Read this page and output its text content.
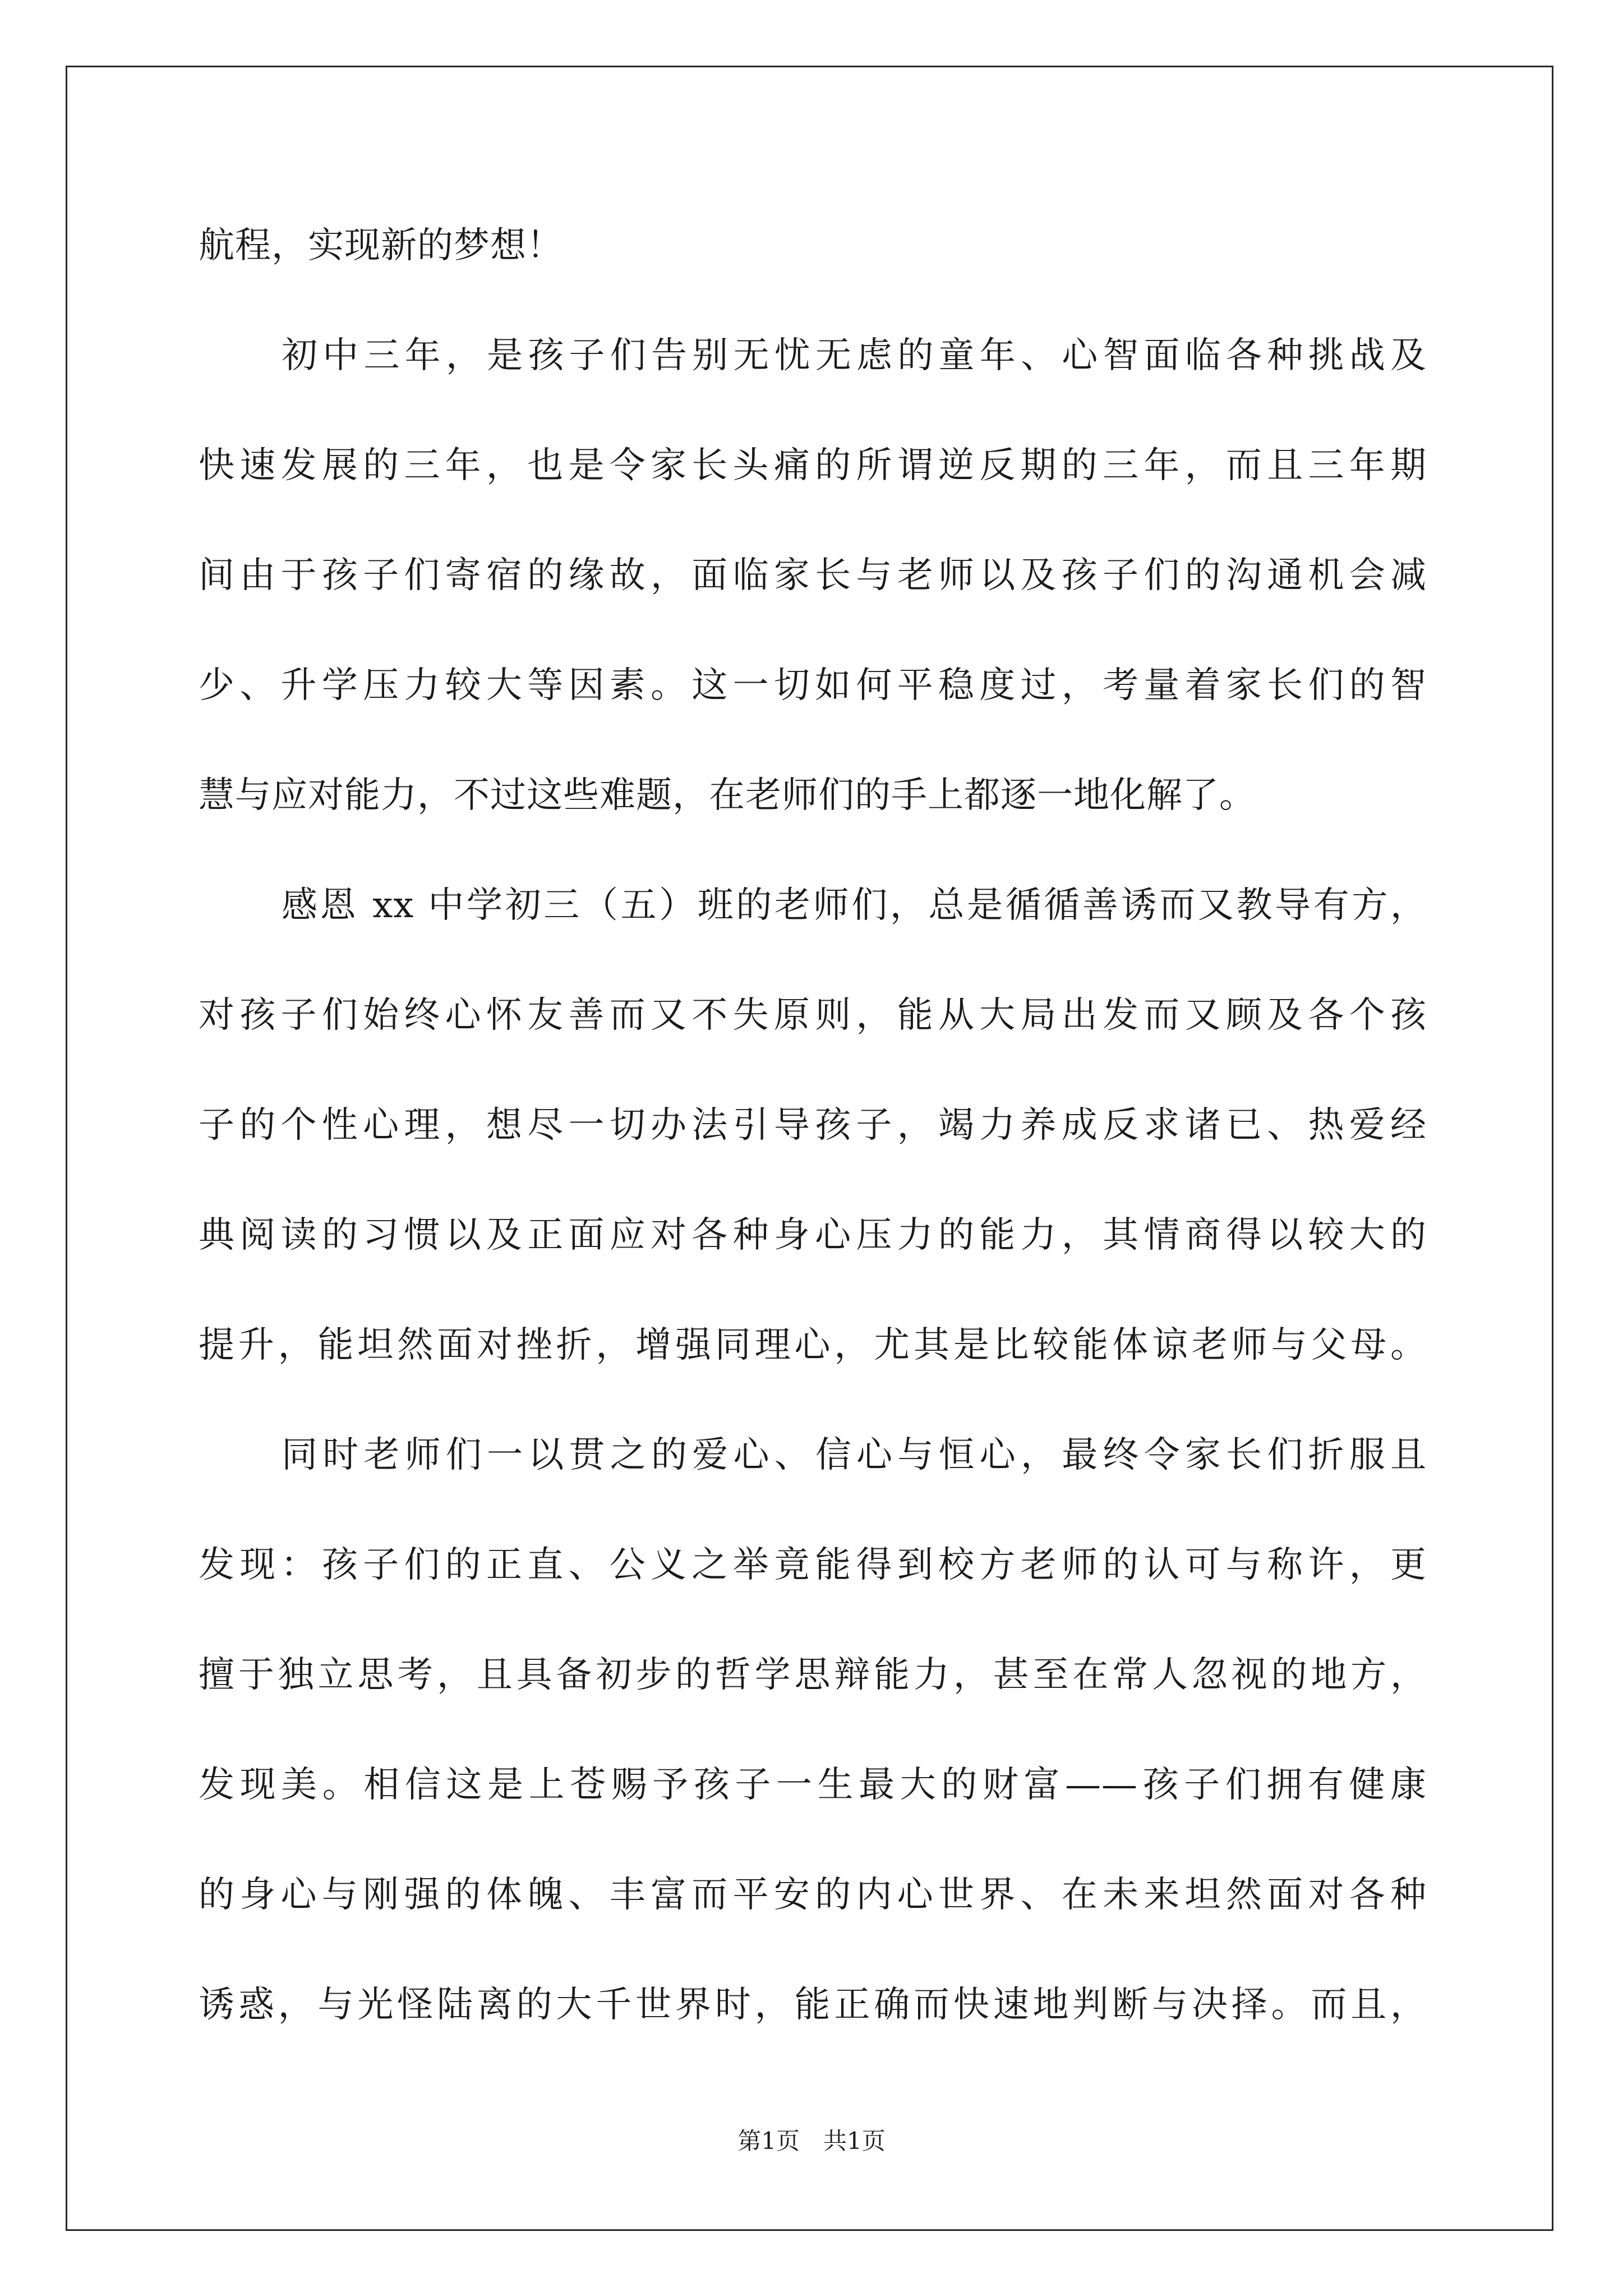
航程，实现新的梦想！
初中三年，是孩子们告别无忧无虑的童年、心智面临各种挑战及
快速发展的三年，也是令家长头痛的所谓逆反期的三年，而且三年期
间由于孩子们寄宿的缘故，面临家长与老师以及孩子们的沟通机会减
少、升学压力较大等因素。这一切如何平稳度过，考量着家长们的智
慧与应对能力，不过这些难题，在老师们的手上都逐一地化解了。
感恩 xx 中学初三（五）班的老师们，总是循循善诱而又教导有方，
对孩子们始终心怀友善而又不失原则，能从大局出发而又顾及各个孩
子的个性心理，想尽一切办法引导孩子，竭力养成反求诸已、热爱经
典阅读的习惯以及正面应对各种身心压力的能力，其情商得以较大的
提升，能坦然面对挫折，增强同理心，尤其是比较能体谅老师与父母。
同时老师们一以贯之的爱心、信心与恒心，最终令家长们折服且
发现：孩子们的正直、公义之举竟能得到校方老师的认可与称许，更
擅于独立思考，且具备初步的哲学思辩能力，甚至在常人忽视的地方，
发现美。相信这是上苍赐予孩子一生最大的财富——孩子们拥有健康
的身心与刚强的体魄、丰富而平安的内心世界、在未来坦然面对各种
诱惑，与光怪陆离的大千世界时，能正确而快速地判断与决择。而且，
第1页　共1页
